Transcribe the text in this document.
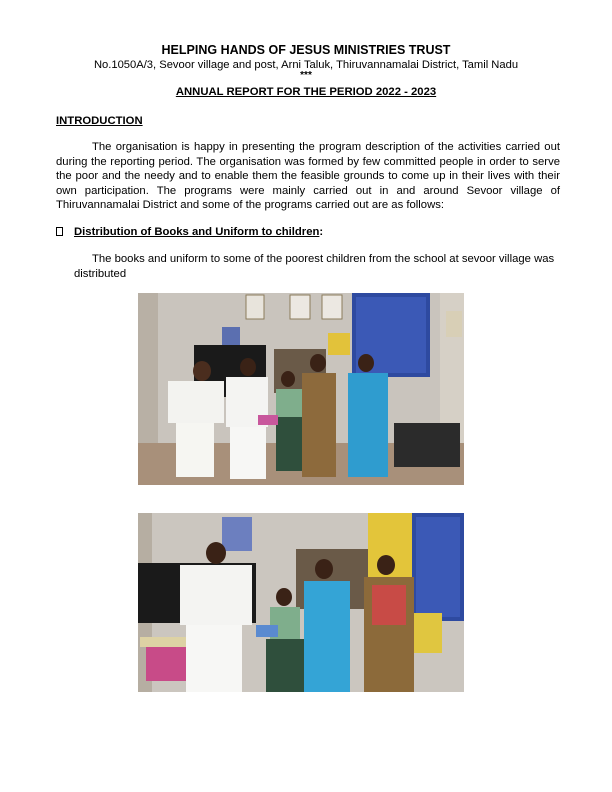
HELPING HANDS OF JESUS MINISTRIES TRUST
No.1050A/3, Sevoor village and post, Arni Taluk, Thiruvannamalai District, Tamil Nadu
***
ANNUAL REPORT FOR THE PERIOD 2022 - 2023
INTRODUCTION
The organisation is happy in presenting the program description of the activities carried out during the reporting period. The organisation was formed by few committed people in order to serve the poor and the needy and to enable them the feasible grounds to come up in their lives with their own participation. The programs were mainly carried out in and around Sevoor village of Thiruvannamalai District and some of the programs carried out are as follows:
Distribution of Books and Uniform to children:
The books and uniform to some of the poorest children from the school at sevoor village was distributed
